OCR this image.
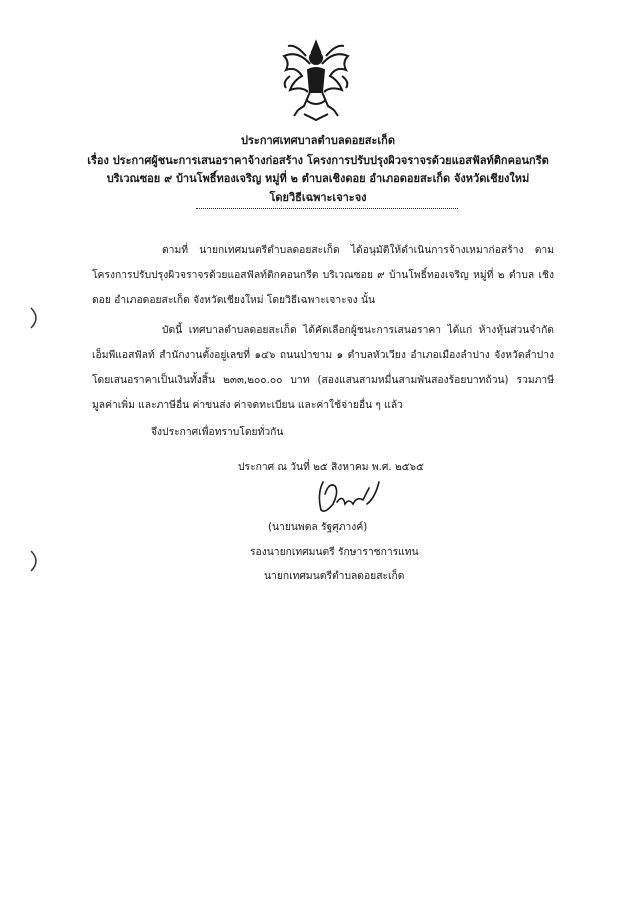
ประกาศเทศบาลตำบลดอยสะเก็ด

เรื่อง ประกาศผู้ชนะการเสนอราคาจ้างก่อสร้าง โครงการปรับปรุงผิวจราจรด้วยแอสฟัลท์ติกคอนกรีต

บริเวณซอย ๙ บ้านโพธิ์ทองเจริญ หมู่ที่ ๒ ตำบลเชิงดอย อำเภอดอยสะเก็ด จังหวัดเชียงใหม่

โดยวิธีเฉพาะเจาะจง

ตามที่ นายกเทศมนตรีตำบลดอยสะเก็ด ได้อนุมัติให้ดำเนินการจ้างเหมาก่อสร้าง ตามโครงการปรับปรุงผิวจราจรด้วยแอสฟัลท์ติกคอนกรีต บริเวณซอย ๙ บ้านโพธิ์ทองเจริญ หมู่ที่ ๒ ตำบล เชิงดอย อำเภอดอยสะเก็ด จังหวัดเชียงใหม่ โดยวิธีเฉพาะเจาะจง นั้น

บัดนี้ เทศบาลตำบลดอยสะเก็ด ได้คัดเลือกผู้ชนะการเสนอราคา ได้แก่ ห้างหุ้นส่วนจำกัด เอ็มพีแอสฟัลท์ สำนักงานตั้งอยู่เลขที่ ๑๔๖ ถนนป่าขาม ๑ ตำบลหัวเวียง อำเภอเมืองลำปาง จังหวัดลำปาง โดยเสนอราคาเป็นเงินทั้งสิ้น ๒๓๓,๒๐๐.๐๐ บาท (สองแสนสามหมื่นสามพันสองร้อยบาทถ้วน) รวมภาษีมูลค่าเพิ่ม และภาษีอื่น ค่าขนส่ง ค่าจดทะเบียน และค่าใช้จ่ายอื่น ๆ แล้ว

จึงประกาศเพื่อทราบโดยทั่วกัน

ประกาศ ณ วันที่ ๒๕ สิงหาคม พ.ศ. ๒๕๖๕

(นายนพดล รัฐศุภางค์)

รองนายกเทศมนตรี รักษาราชการแทน

นายกเทศมนตรีตำบลดอยสะเก็ด
